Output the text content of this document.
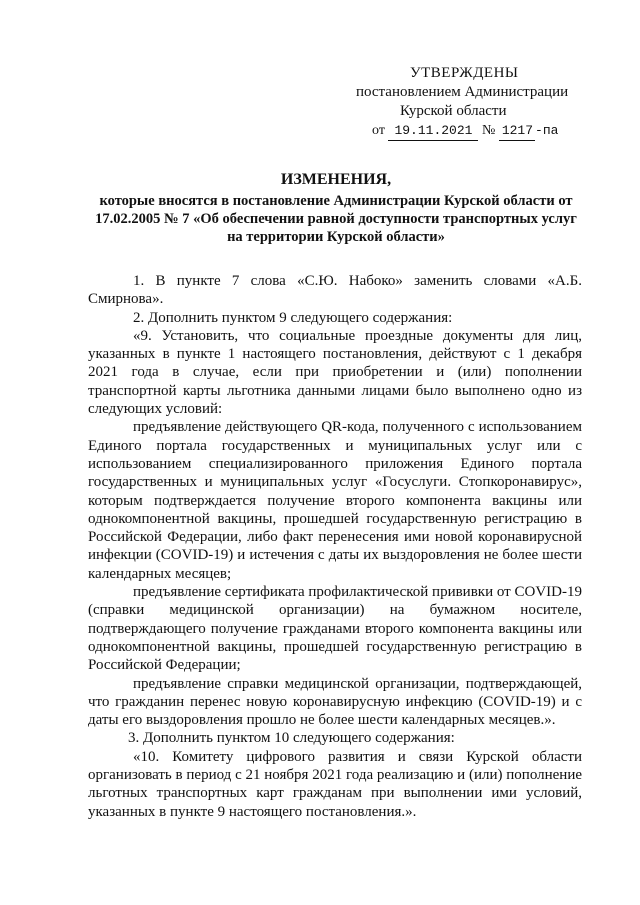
УТВЕРЖДЕНЫ
постановлением Администрации
Курской области
от 19.11.2021 № 1217 -па
ИЗМЕНЕНИЯ,
которые вносятся в постановление Администрации Курской области от 17.02.2005 № 7 «Об обеспечении равной доступности транспортных услуг на территории Курской области»

1. В пункте 7 слова «С.Ю. Набоко» заменить словами «А.Б. Смирнова».

2. Дополнить пунктом 9 следующего содержания:

«9. Установить, что социальные проездные документы для лиц, указанных в пункте 1 настоящего постановления, действуют с 1 декабря 2021 года в случае, если при приобретении и (или) пополнении транспортной карты льготника данными лицами было выполнено одно из следующих условий:

предъявление действующего QR-кода, полученного с использованием Единого портала государственных и муниципальных услуг или с использованием специализированного приложения Единого портала государственных и муниципальных услуг «Госуслуги. Стопкоронавирус», которым подтверждается получение второго компонента вакцины или однокомпонентной вакцины, прошедшей государственную регистрацию в Российской Федерации, либо факт перенесения ими новой коронавирусной инфекции (COVID-19) и истечения с даты их выздоровления не более шести календарных месяцев;

предъявление сертификата профилактической прививки от COVID-19 (справки медицинской организации) на бумажном носителе, подтверждающего получение гражданами второго компонента вакцины или однокомпонентной вакцины, прошедшей государственную регистрацию в Российской Федерации;

предъявление справки медицинской организации, подтверждающей, что гражданин перенес новую коронавирусную инфекцию (COVID-19) и с даты его выздоровления прошло не более шести календарных месяцев.».

3. Дополнить пунктом 10 следующего содержания:

«10. Комитету цифрового развития и связи Курской области организовать в период с 21 ноября 2021 года реализацию и (или) пополнение льготных транспортных карт гражданам при выполнении ими условий, указанных в пункте 9 настоящего постановления.».
